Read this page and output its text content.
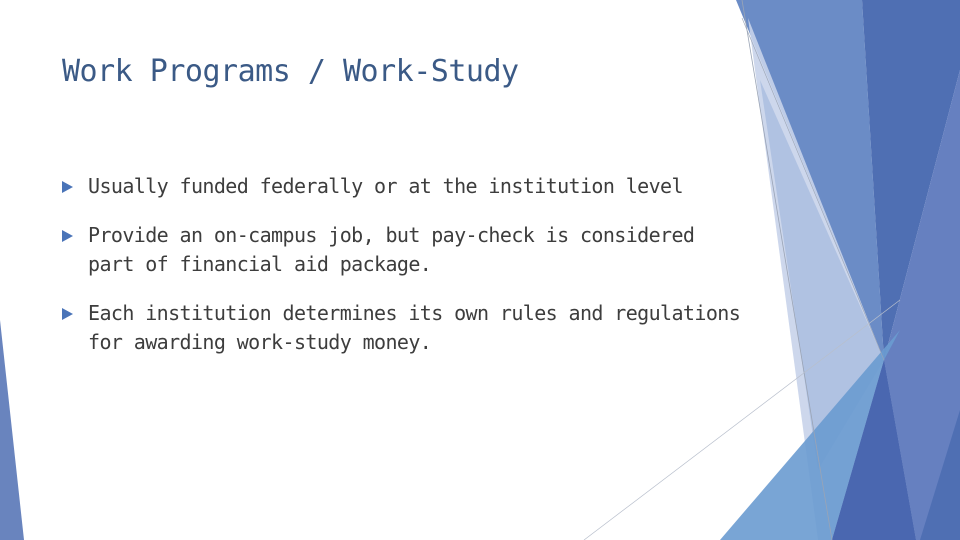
Work Programs / Work-Study
Usually funded federally or at the institution level
Provide an on-campus job, but pay-check is considered part of financial aid package.
Each institution determines its own rules and regulations for awarding work-study money.
